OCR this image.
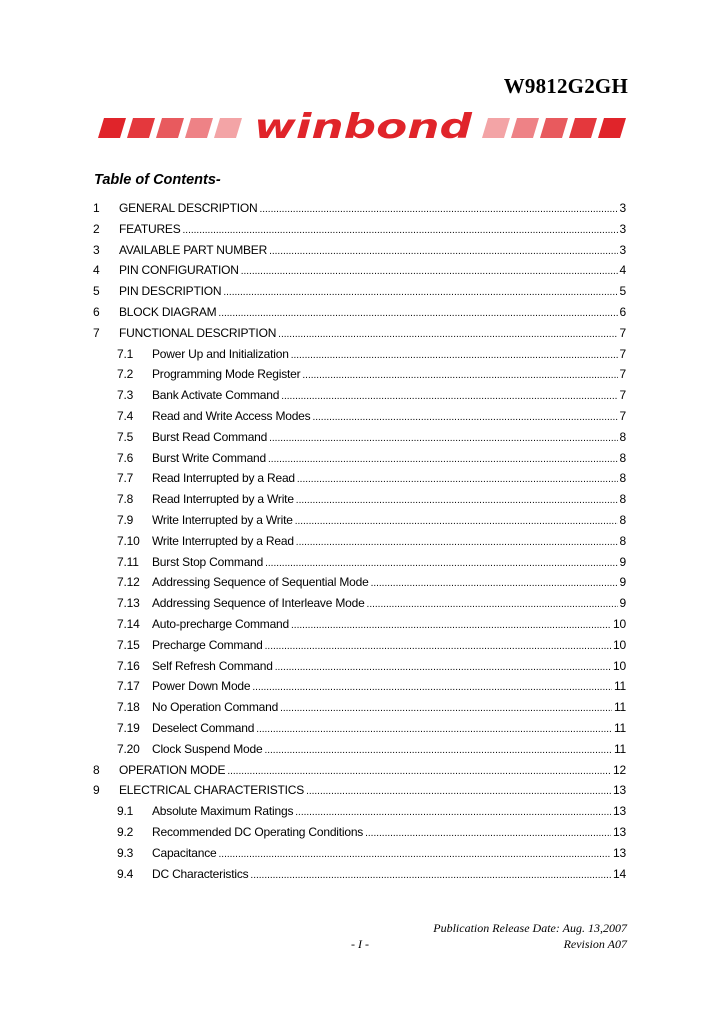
W9812G2GH
winbond
Table of Contents-
1 GENERAL DESCRIPTION .....	3
2 FEATURES .....	3
3 AVAILABLE PART NUMBER .....	3
4 PIN CONFIGURATION .....	4
5 PIN DESCRIPTION .....	5
6 BLOCK DIAGRAM .....	6
7 FUNCTIONAL DESCRIPTION .....	7
7.1 Power Up and Initialization .....	7
7.2 Programming Mode Register .....	7
7.3 Bank Activate Command .....	7
7.4 Read and Write Access Modes .....	7
7.5 Burst Read Command .....	8
7.6 Burst Write Command .....	8
7.7 Read Interrupted by a Read .....	8
7.8 Read Interrupted by a Write .....	8
7.9 Write Interrupted by a Write .....	8
7.10 Write Interrupted by a Read .....	8
7.11 Burst Stop Command .....	9
7.12 Addressing Sequence of Sequential Mode .....	9
7.13 Addressing Sequence of Interleave Mode .....	9
7.14 Auto-precharge Command .....	10
7.15 Precharge Command .....	10
7.16 Self Refresh Command .....	10
7.17 Power Down Mode .....	11
7.18 No Operation Command .....	11
7.19 Deselect Command .....	11
7.20 Clock Suspend Mode .....	11
8 OPERATION MODE .....	12
9 ELECTRICAL CHARACTERISTICS .....	13
9.1 Absolute Maximum Ratings .....	13
9.2 Recommended DC Operating Conditions .....	13
9.3 Capacitance .....	13
9.4 DC Characteristics .....	14
Publication Release Date: Aug. 13,2007
Revision A07
- I -
